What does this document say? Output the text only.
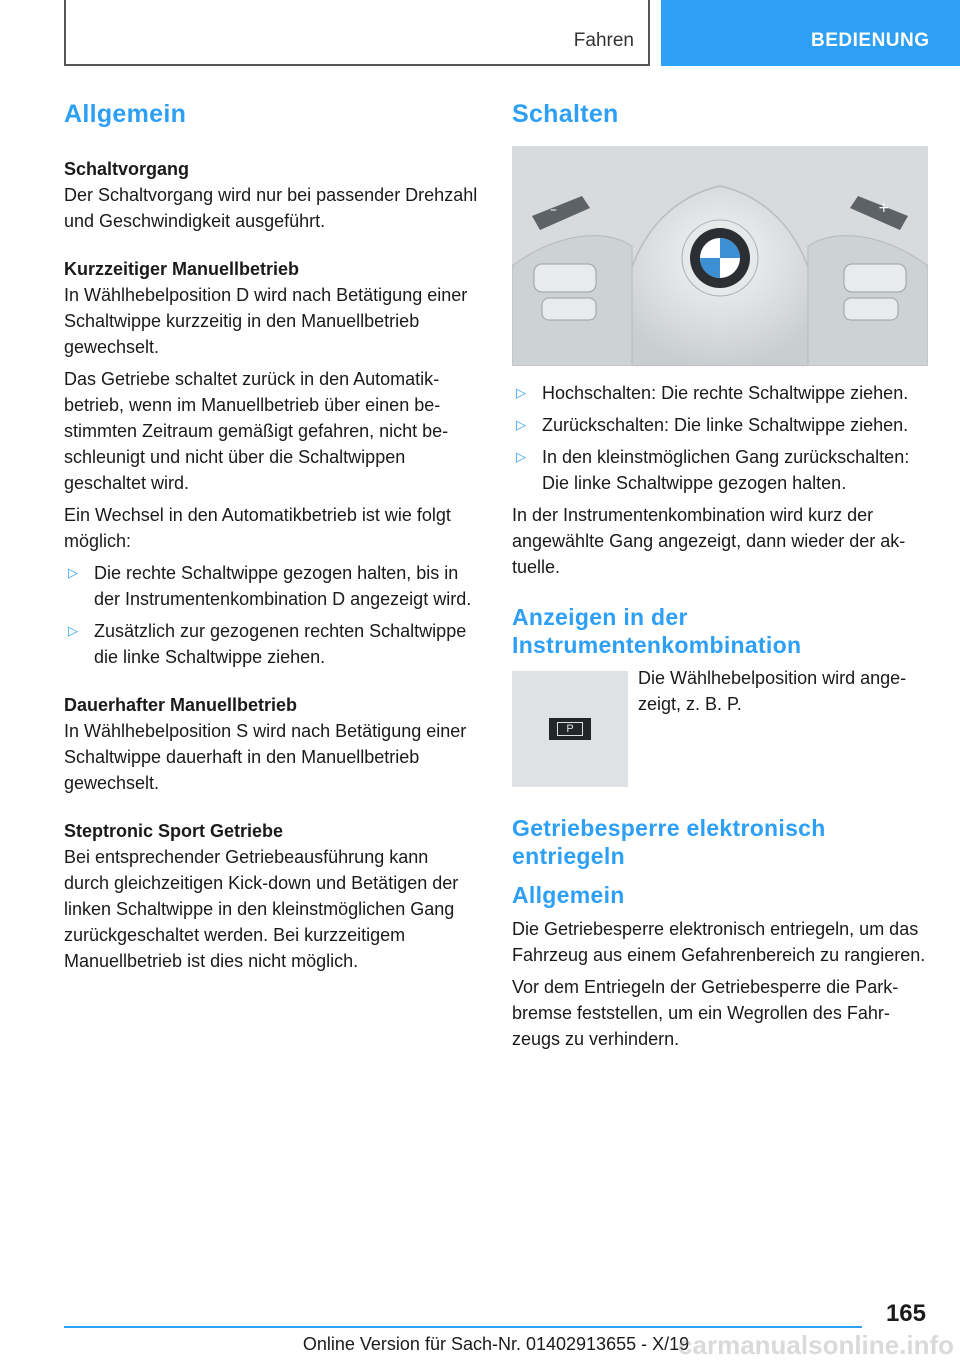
Fahren	BEDIENUNG
Allgemein
Schaltvorgang
Der Schaltvorgang wird nur bei passender Drehzahl und Geschwindigkeit ausgeführt.
Kurzzeitiger Manuellbetrieb
In Wählhebelposition D wird nach Betätigung einer Schaltwippe kurzzeitig in den Manuellbetrieb gewechselt.
Das Getriebe schaltet zurück in den Automatikbetrieb, wenn im Manuellbetrieb über einen bestimmten Zeitraum gemäßigt gefahren, nicht beschleunigt und nicht über die Schaltwippen geschaltet wird.
Ein Wechsel in den Automatikbetrieb ist wie folgt möglich:
▷ Die rechte Schaltwippe gezogen halten, bis in der Instrumentenkombination D angezeigt wird.
▷ Zusätzlich zur gezogenen rechten Schaltwippe die linke Schaltwippe ziehen.
Dauerhafter Manuellbetrieb
In Wählhebelposition S wird nach Betätigung einer Schaltwippe dauerhaft in den Manuellbetrieb gewechselt.
Steptronic Sport Getriebe
Bei entsprechender Getriebeausführung kann durch gleichzeitigen Kick-down und Betätigen der linken Schaltwippe in den kleinstmöglichen Gang zurückgeschaltet werden. Bei kurzzeitigem Manuellbetrieb ist dies nicht möglich.
Schalten
–	+
▷ Hochschalten: Die rechte Schaltwippe ziehen.
▷ Zurückschalten: Die linke Schaltwippe ziehen.
▷ In den kleinstmöglichen Gang zurückschalten: Die linke Schaltwippe gezogen halten.
In der Instrumentenkombination wird kurz der angewählte Gang angezeigt, dann wieder der aktuelle.
Anzeigen in der Instrumentenkombination
P
Die Wählhebelposition wird angezeigt, z. B. P.
Getriebesperre elektronisch entriegeln
Allgemein
Die Getriebesperre elektronisch entriegeln, um das Fahrzeug aus einem Gefahrenbereich zu rangieren.
Vor dem Entriegeln der Getriebesperre die Parkbremse feststellen, um ein Wegrollen des Fahrzeugs zu verhindern.
165
Online Version für Sach-Nr. 01402913655 - X/19
carmanualsonline.info
